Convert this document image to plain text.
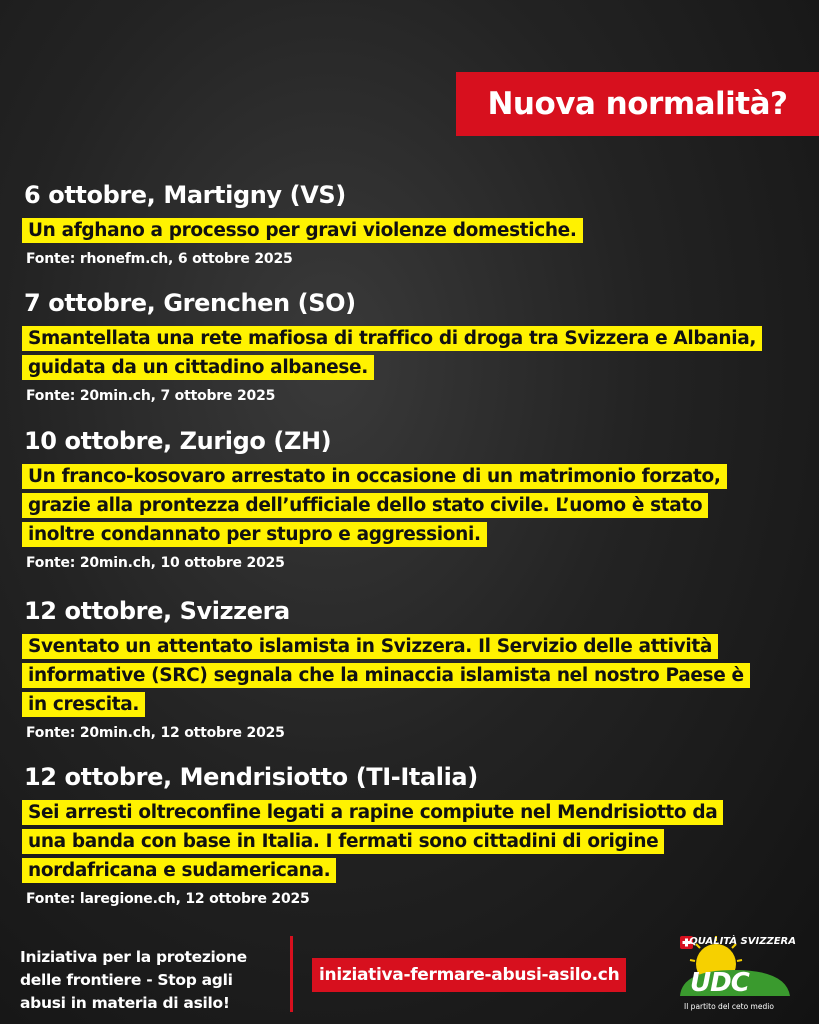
Nuova normalità?
6 ottobre, Martigny (VS)

Un afghano a processo per gravi violenze domestiche.

Fonte: rhonefm.ch, 6 ottobre 2025

7 ottobre, Grenchen (SO)

Smantellata una rete mafiosa di traffico di droga tra Svizzera e Albania, guidata da un cittadino albanese.

Fonte: 20min.ch, 7 ottobre 2025

10 ottobre, Zurigo (ZH)

Un franco-kosovaro arrestato in occasione di un matrimonio forzato, grazie alla prontezza dell’ufficiale dello stato civile. L’uomo è stato inoltre condannato per stupro e aggressioni.

Fonte: 20min.ch, 10 ottobre 2025

12 ottobre, Svizzera

Sventato un attentato islamista in Svizzera. Il Servizio delle attività informative (SRC) segnala che la minaccia islamista nel nostro Paese è in crescita.

Fonte: 20min.ch, 12 ottobre 2025

12 ottobre, Mendrisiotto (TI-Italia)

Sei arresti oltreconfine legati a rapine compiute nel Mendrisiotto da una banda con base in Italia. I fermati sono cittadini di origine nordafricana e sudamericana.

Fonte: laregione.ch, 12 ottobre 2025

Iniziativa per la protezione delle frontiere - Stop agli abusi in materia di asilo!
iniziativa-fermare-abusi-asilo.ch
QUALITÀ SVIZZERA
UDC
Il partito del ceto medio
